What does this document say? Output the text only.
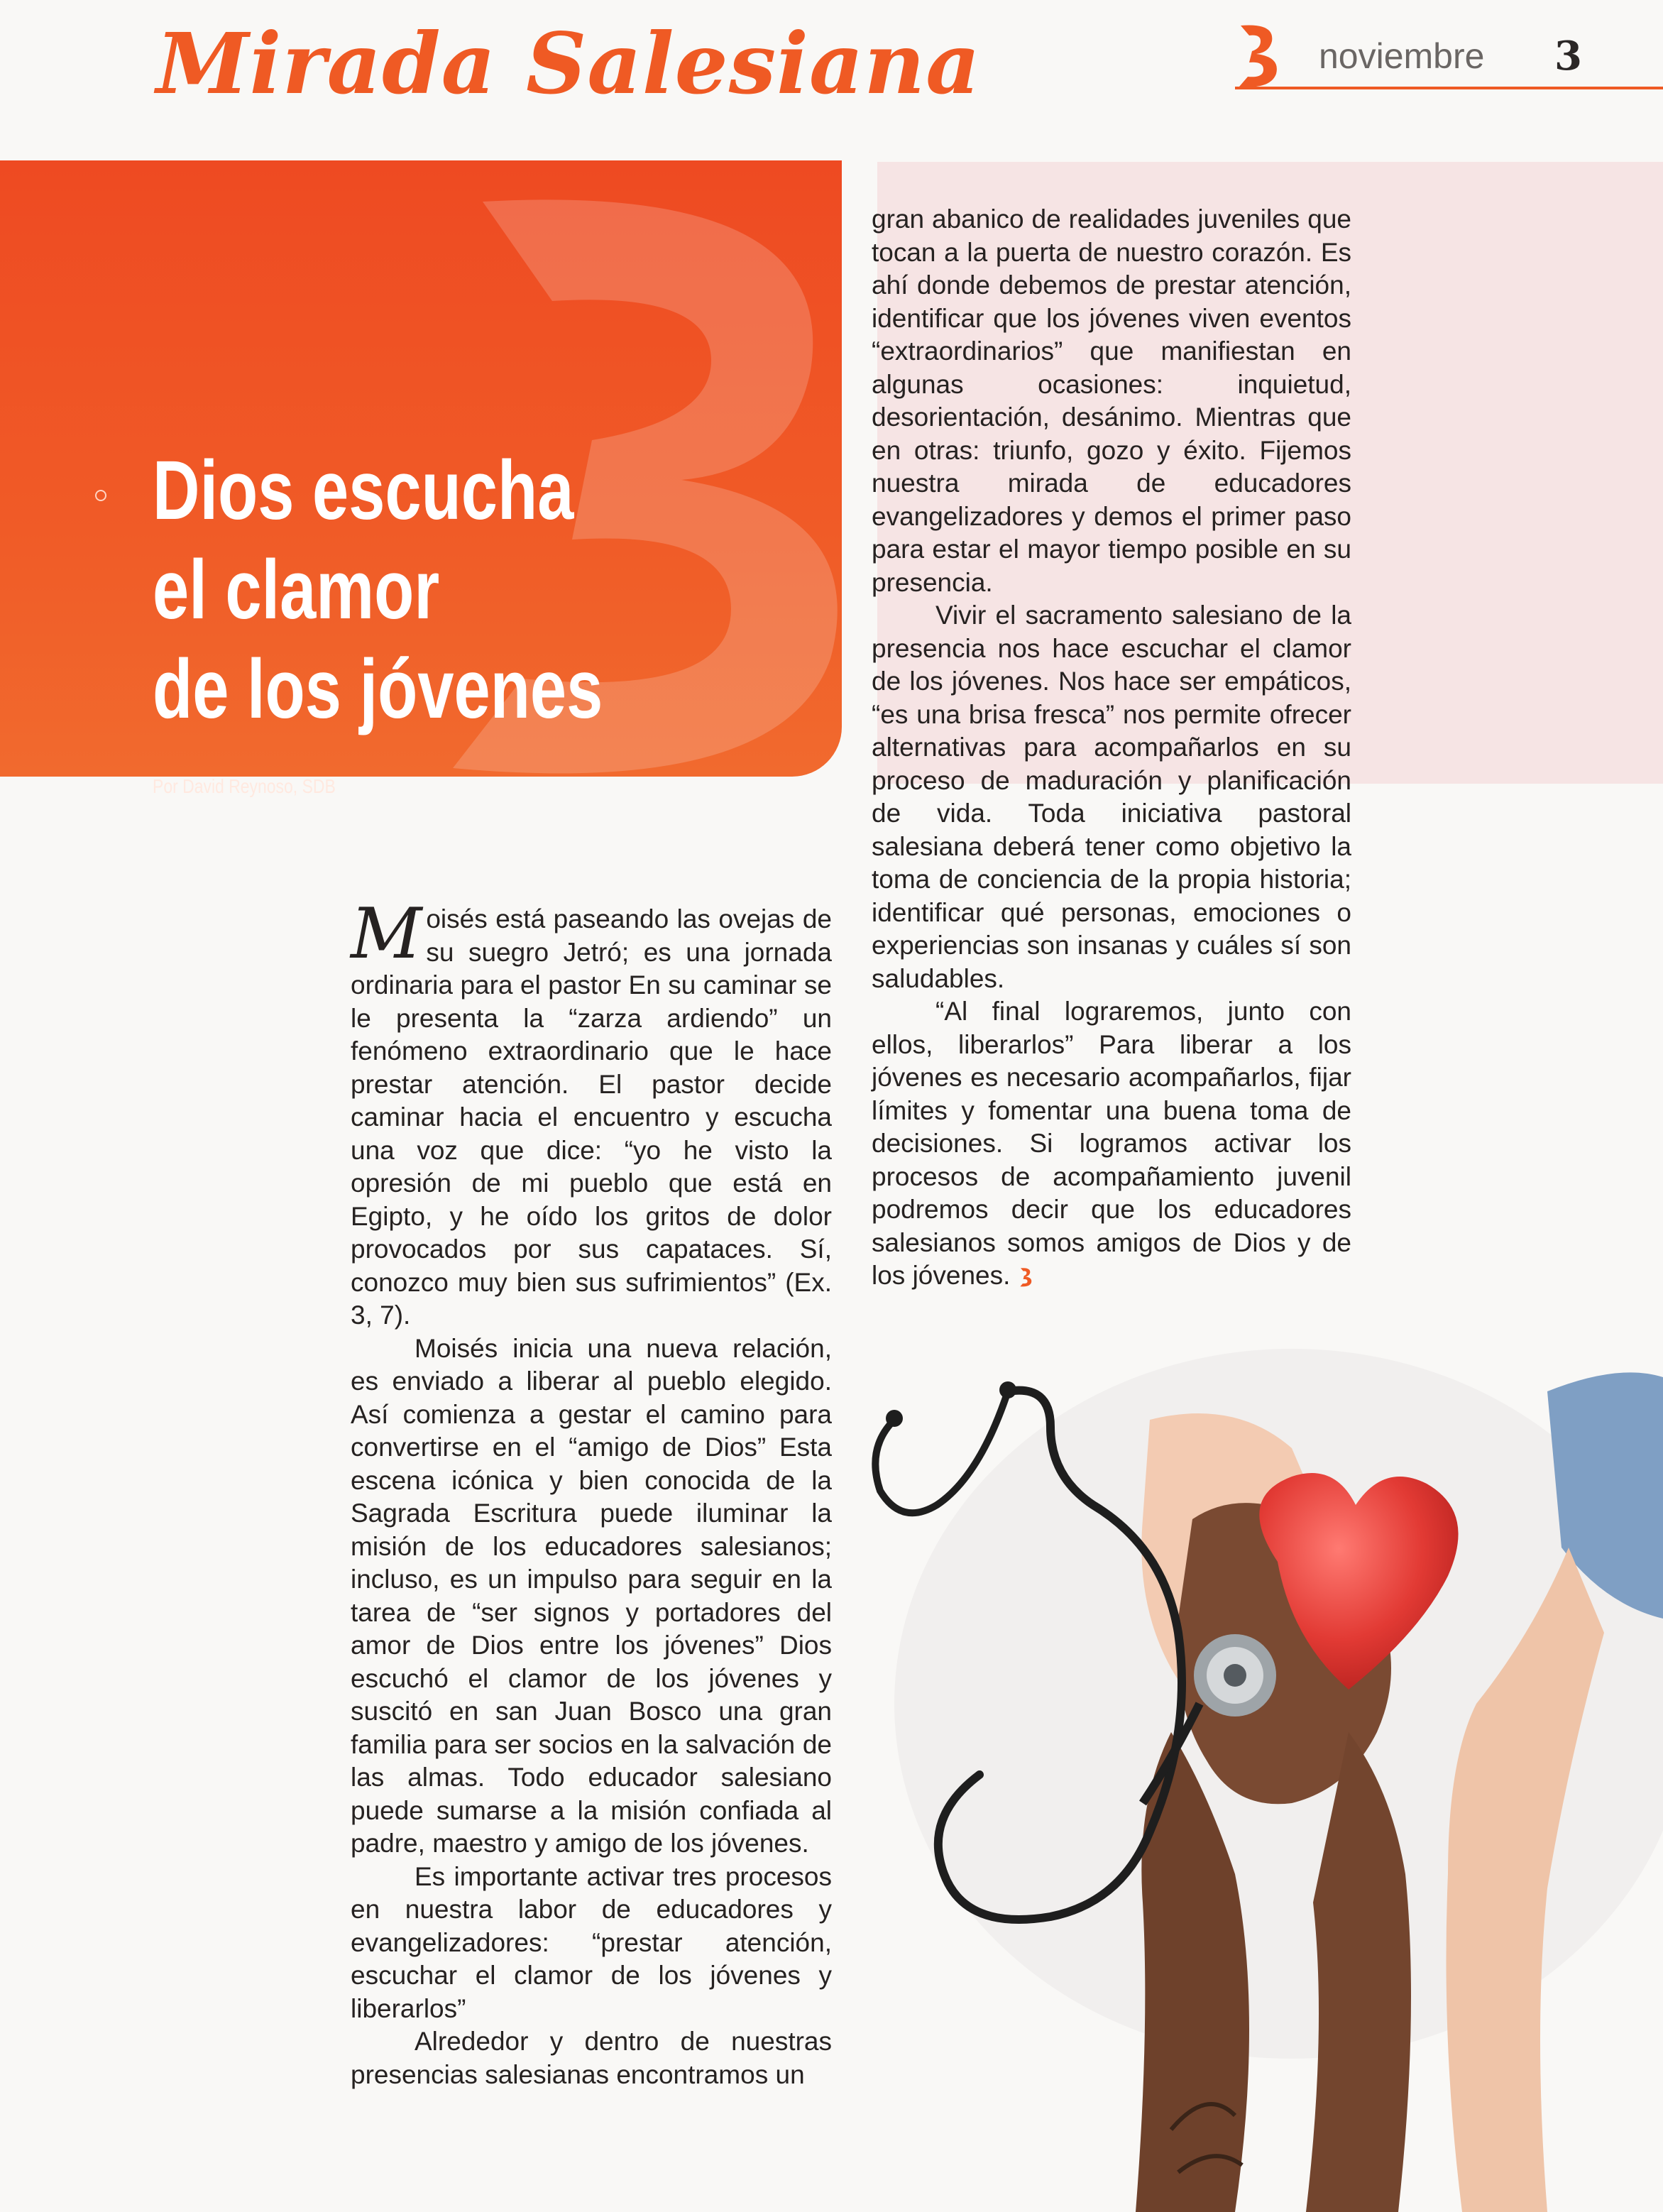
Mirada Salesiana	noviembre 3
Dios escucha
el clamor
de los jóvenes
Por David Reynoso, SDB

Moisés está paseando las ovejas de su suegro Jetró; es una jornada ordinaria para el pastor En su caminar se le presenta la “zarza ardiendo” un fenómeno extraordinario que le hace prestar atención. El pastor decide caminar hacia el encuentro y escucha una voz que dice: “yo he visto la opresión de mi pueblo que está en Egipto, y he oído los gritos de dolor provocados por sus capataces. Sí, conozco muy bien sus sufrimientos” (Ex. 3, 7).

Moisés inicia una nueva relación, es enviado a liberar al pueblo elegido. Así comienza a gestar el camino para convertirse en el “amigo de Dios” Esta escena icónica y bien conocida de la Sagrada Escritura puede iluminar la misión de los educadores salesianos; incluso, es un impulso para seguir en la tarea de “ser signos y portadores del amor de Dios entre los jóvenes” Dios escuchó el clamor de los jóvenes y suscitó en san Juan Bosco una gran familia para ser socios en la salvación de las almas. Todo educador salesiano puede sumarse a la misión confiada al padre, maestro y amigo de los jóvenes.

Es importante activar tres procesos en nuestra labor de educadores y evangelizadores: “prestar atención, escuchar el clamor de los jóvenes y liberarlos”

Alrededor y dentro de nuestras presencias salesianas encontramos un

gran abanico de realidades juveniles que tocan a la puerta de nuestro corazón. Es ahí donde debemos de prestar atención, identificar que los jóvenes viven eventos “extraordinarios” que manifiestan en algunas ocasiones: inquietud, desorientación, desánimo. Mientras que en otras: triunfo, gozo y éxito. Fijemos nuestra mirada de educadores evangelizadores y demos el primer paso para estar el mayor tiempo posible en su presencia.

Vivir el sacramento salesiano de la presencia nos hace escuchar el clamor de los jóvenes. Nos hace ser empáticos, “es una brisa fresca” nos permite ofrecer alternativas para acompañarlos en su proceso de maduración y planificación de vida. Toda iniciativa pastoral salesiana deberá tener como objetivo la toma de conciencia de la propia historia; identificar qué personas, emociones o experiencias son insanas y cuáles sí son saludables.

“Al final lograremos, junto con ellos, liberarlos” Para liberar a los jóvenes es necesario acompañarlos, fijar límites y fomentar una buena toma de decisiones. Si logramos activar los procesos de acompañamiento juvenil podremos decir que los educadores salesianos somos amigos de Dios y de los jóvenes.
